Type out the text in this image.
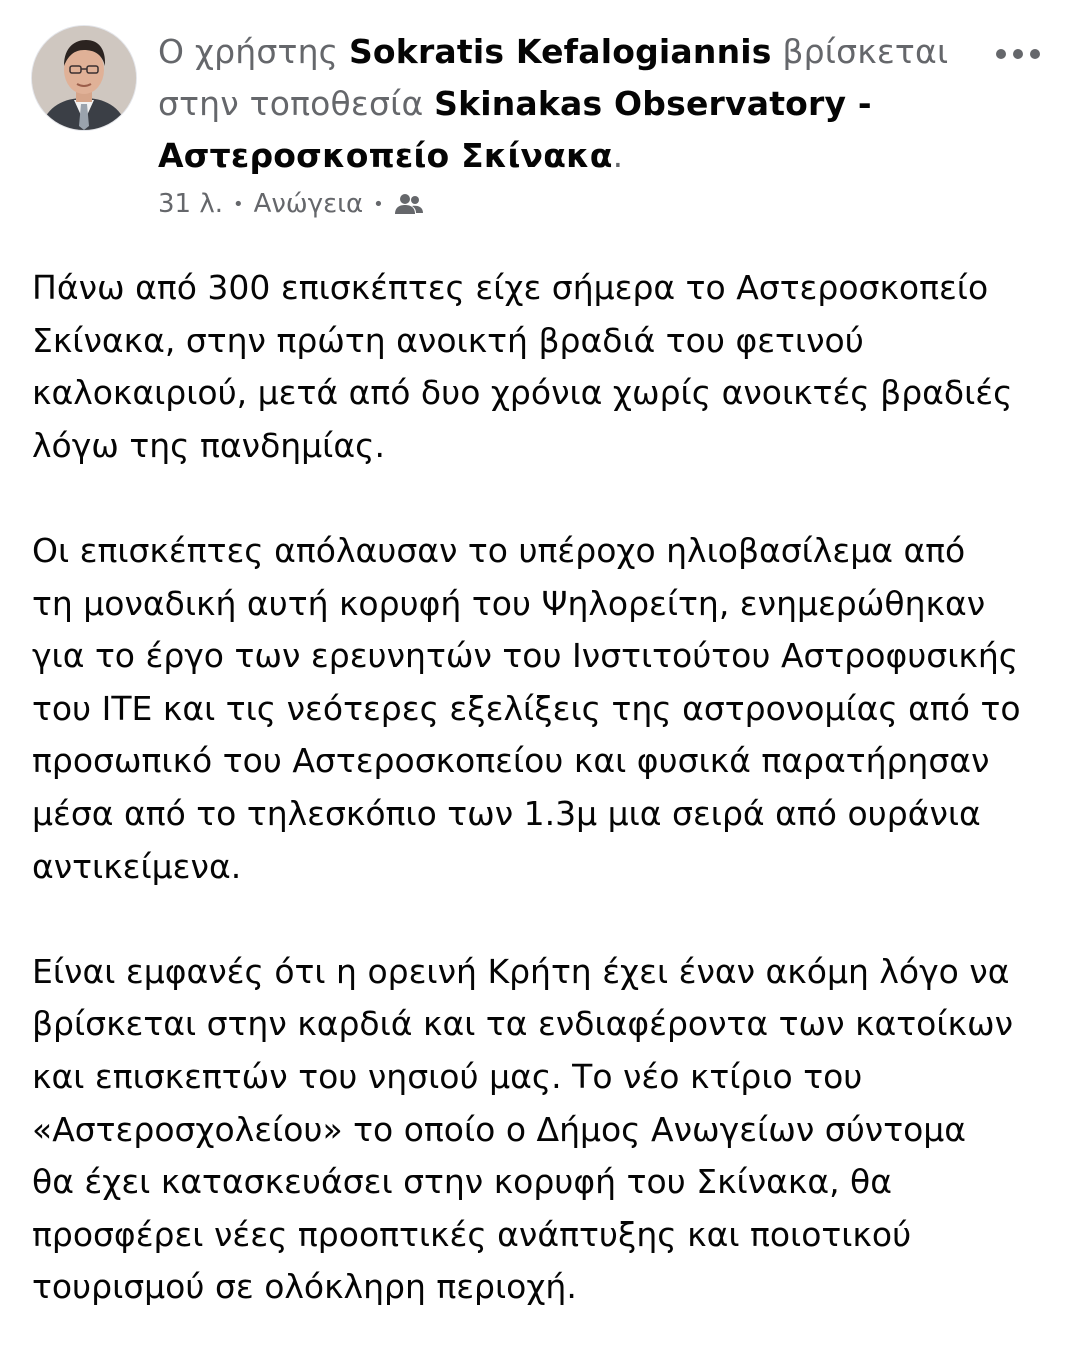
Ο χρήστης Sokratis Kefalogiannis βρίσκεται στην τοποθεσία Skinakas Observatory - Αστεροσκοπείο Σκίνακα.
31 λ. • Ανώγεια •

Πάνω από 300 επισκέπτες είχε σήμερα το Αστεροσκοπείο
Σκίνακα, στην πρώτη ανοικτή βραδιά του φετινού
καλοκαιριού, μετά από δυο χρόνια χωρίς ανοικτές βραδιές
λόγω της πανδημίας.

Οι επισκέπτες απόλαυσαν το υπέροχο ηλιοβασίλεμα από
τη μοναδική αυτή κορυφή του Ψηλορείτη, ενημερώθηκαν
για το έργο των ερευνητών του Ινστιτούτου Αστροφυσικής
του ΙΤΕ και τις νεότερες εξελίξεις της αστρονομίας από το
προσωπικό του Αστεροσκοπείου και φυσικά παρατήρησαν
μέσα από το τηλεσκόπιο των 1.3μ μια σειρά από ουράνια
αντικείμενα.

Είναι εμφανές ότι η ορεινή Κρήτη έχει έναν ακόμη λόγο να
βρίσκεται στην καρδιά και τα ενδιαφέροντα των κατοίκων
και επισκεπτών του νησιού μας. Το νέο κτίριο του
«Αστεροσχολείου» το οποίο ο Δήμος Ανωγείων σύντομα
θα έχει κατασκευάσει στην κορυφή του Σκίνακα, θα
προσφέρει νέες προοπτικές ανάπτυξης και ποιοτικού
τουρισμού σε ολόκληρη περιοχή.
